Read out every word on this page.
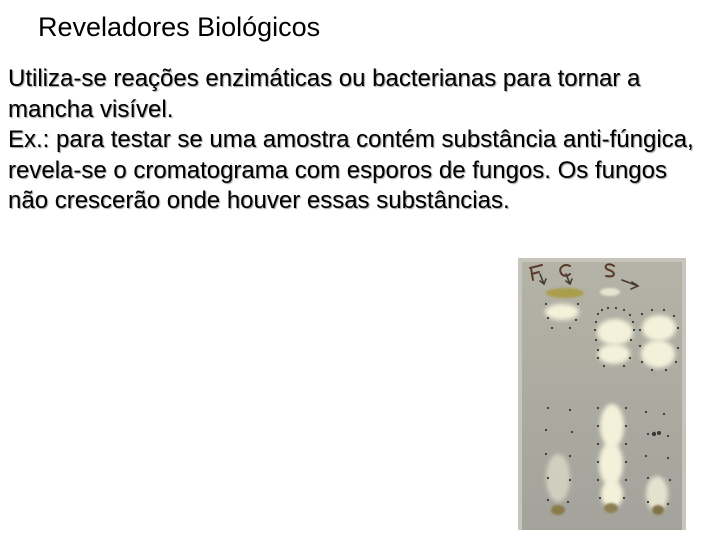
Reveladores Biológicos

Utiliza-se reações enzimáticas ou bacterianas para tornar a mancha visível.

Ex.: para testar se uma amostra contém substância anti-fúngica, revela-se o cromatograma com esporos de fungos. Os fungos não crescerão onde houver essas substâncias.
